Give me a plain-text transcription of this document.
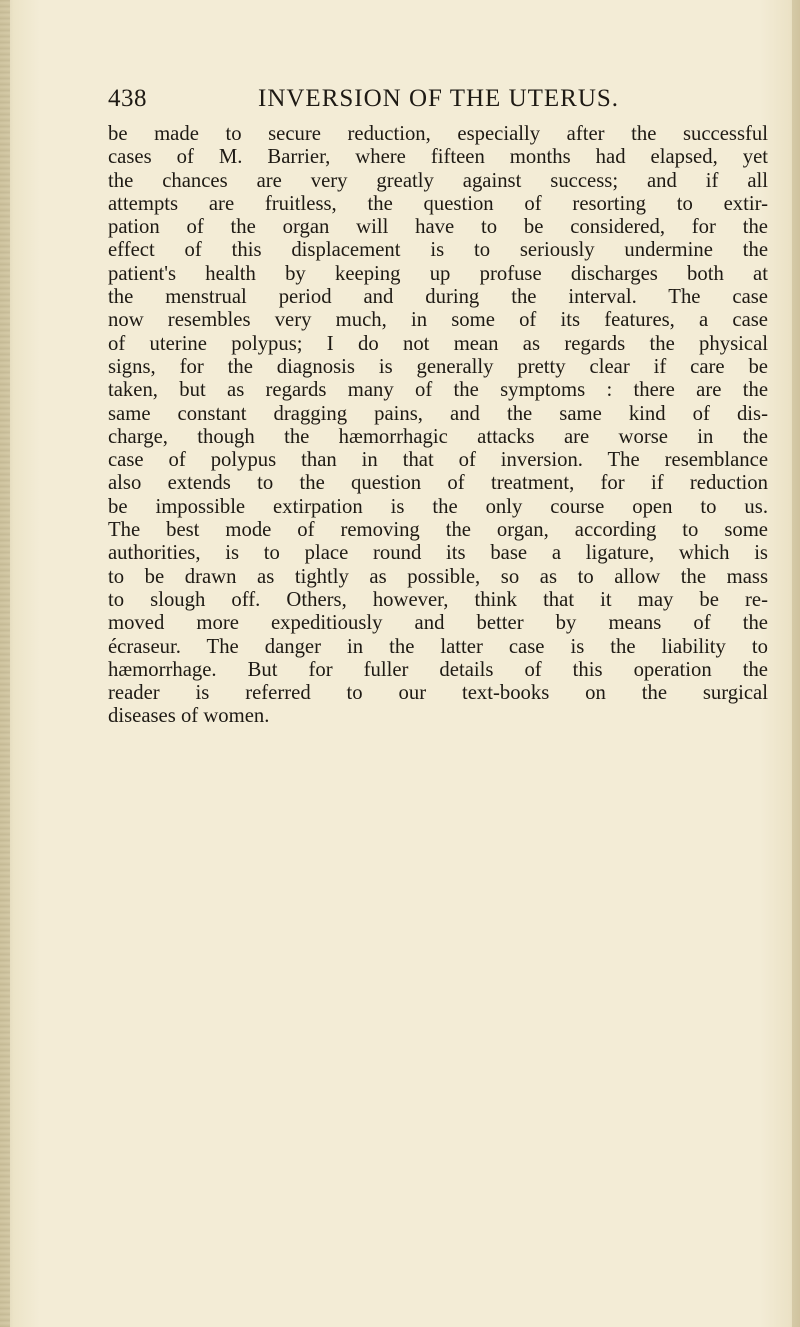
438	INVERSION OF THE UTERUS.
be made to secure reduction, especially after the successful
cases of M. Barrier, where fifteen months had elapsed, yet
the chances are very greatly against success; and if all
attempts are fruitless, the question of resorting to extir-
pation of the organ will have to be considered, for the
effect of this displacement is to seriously undermine the
patient's health by keeping up profuse discharges both at
the menstrual period and during the interval. The case
now resembles very much, in some of its features, a case
of uterine polypus; I do not mean as regards the physical
signs, for the diagnosis is generally pretty clear if care be
taken, but as regards many of the symptoms : there are the
same constant dragging pains, and the same kind of dis-
charge, though the hæmorrhagic attacks are worse in the
case of polypus than in that of inversion. The resemblance
also extends to the question of treatment, for if reduction
be impossible extirpation is the only course open to us.
The best mode of removing the organ, according to some
authorities, is to place round its base a ligature, which is
to be drawn as tightly as possible, so as to allow the mass
to slough off. Others, however, think that it may be re-
moved more expeditiously and better by means of the
écraseur. The danger in the latter case is the liability to
hæmorrhage. But for fuller details of this operation the
reader is referred to our text-books on the surgical
diseases of women.
